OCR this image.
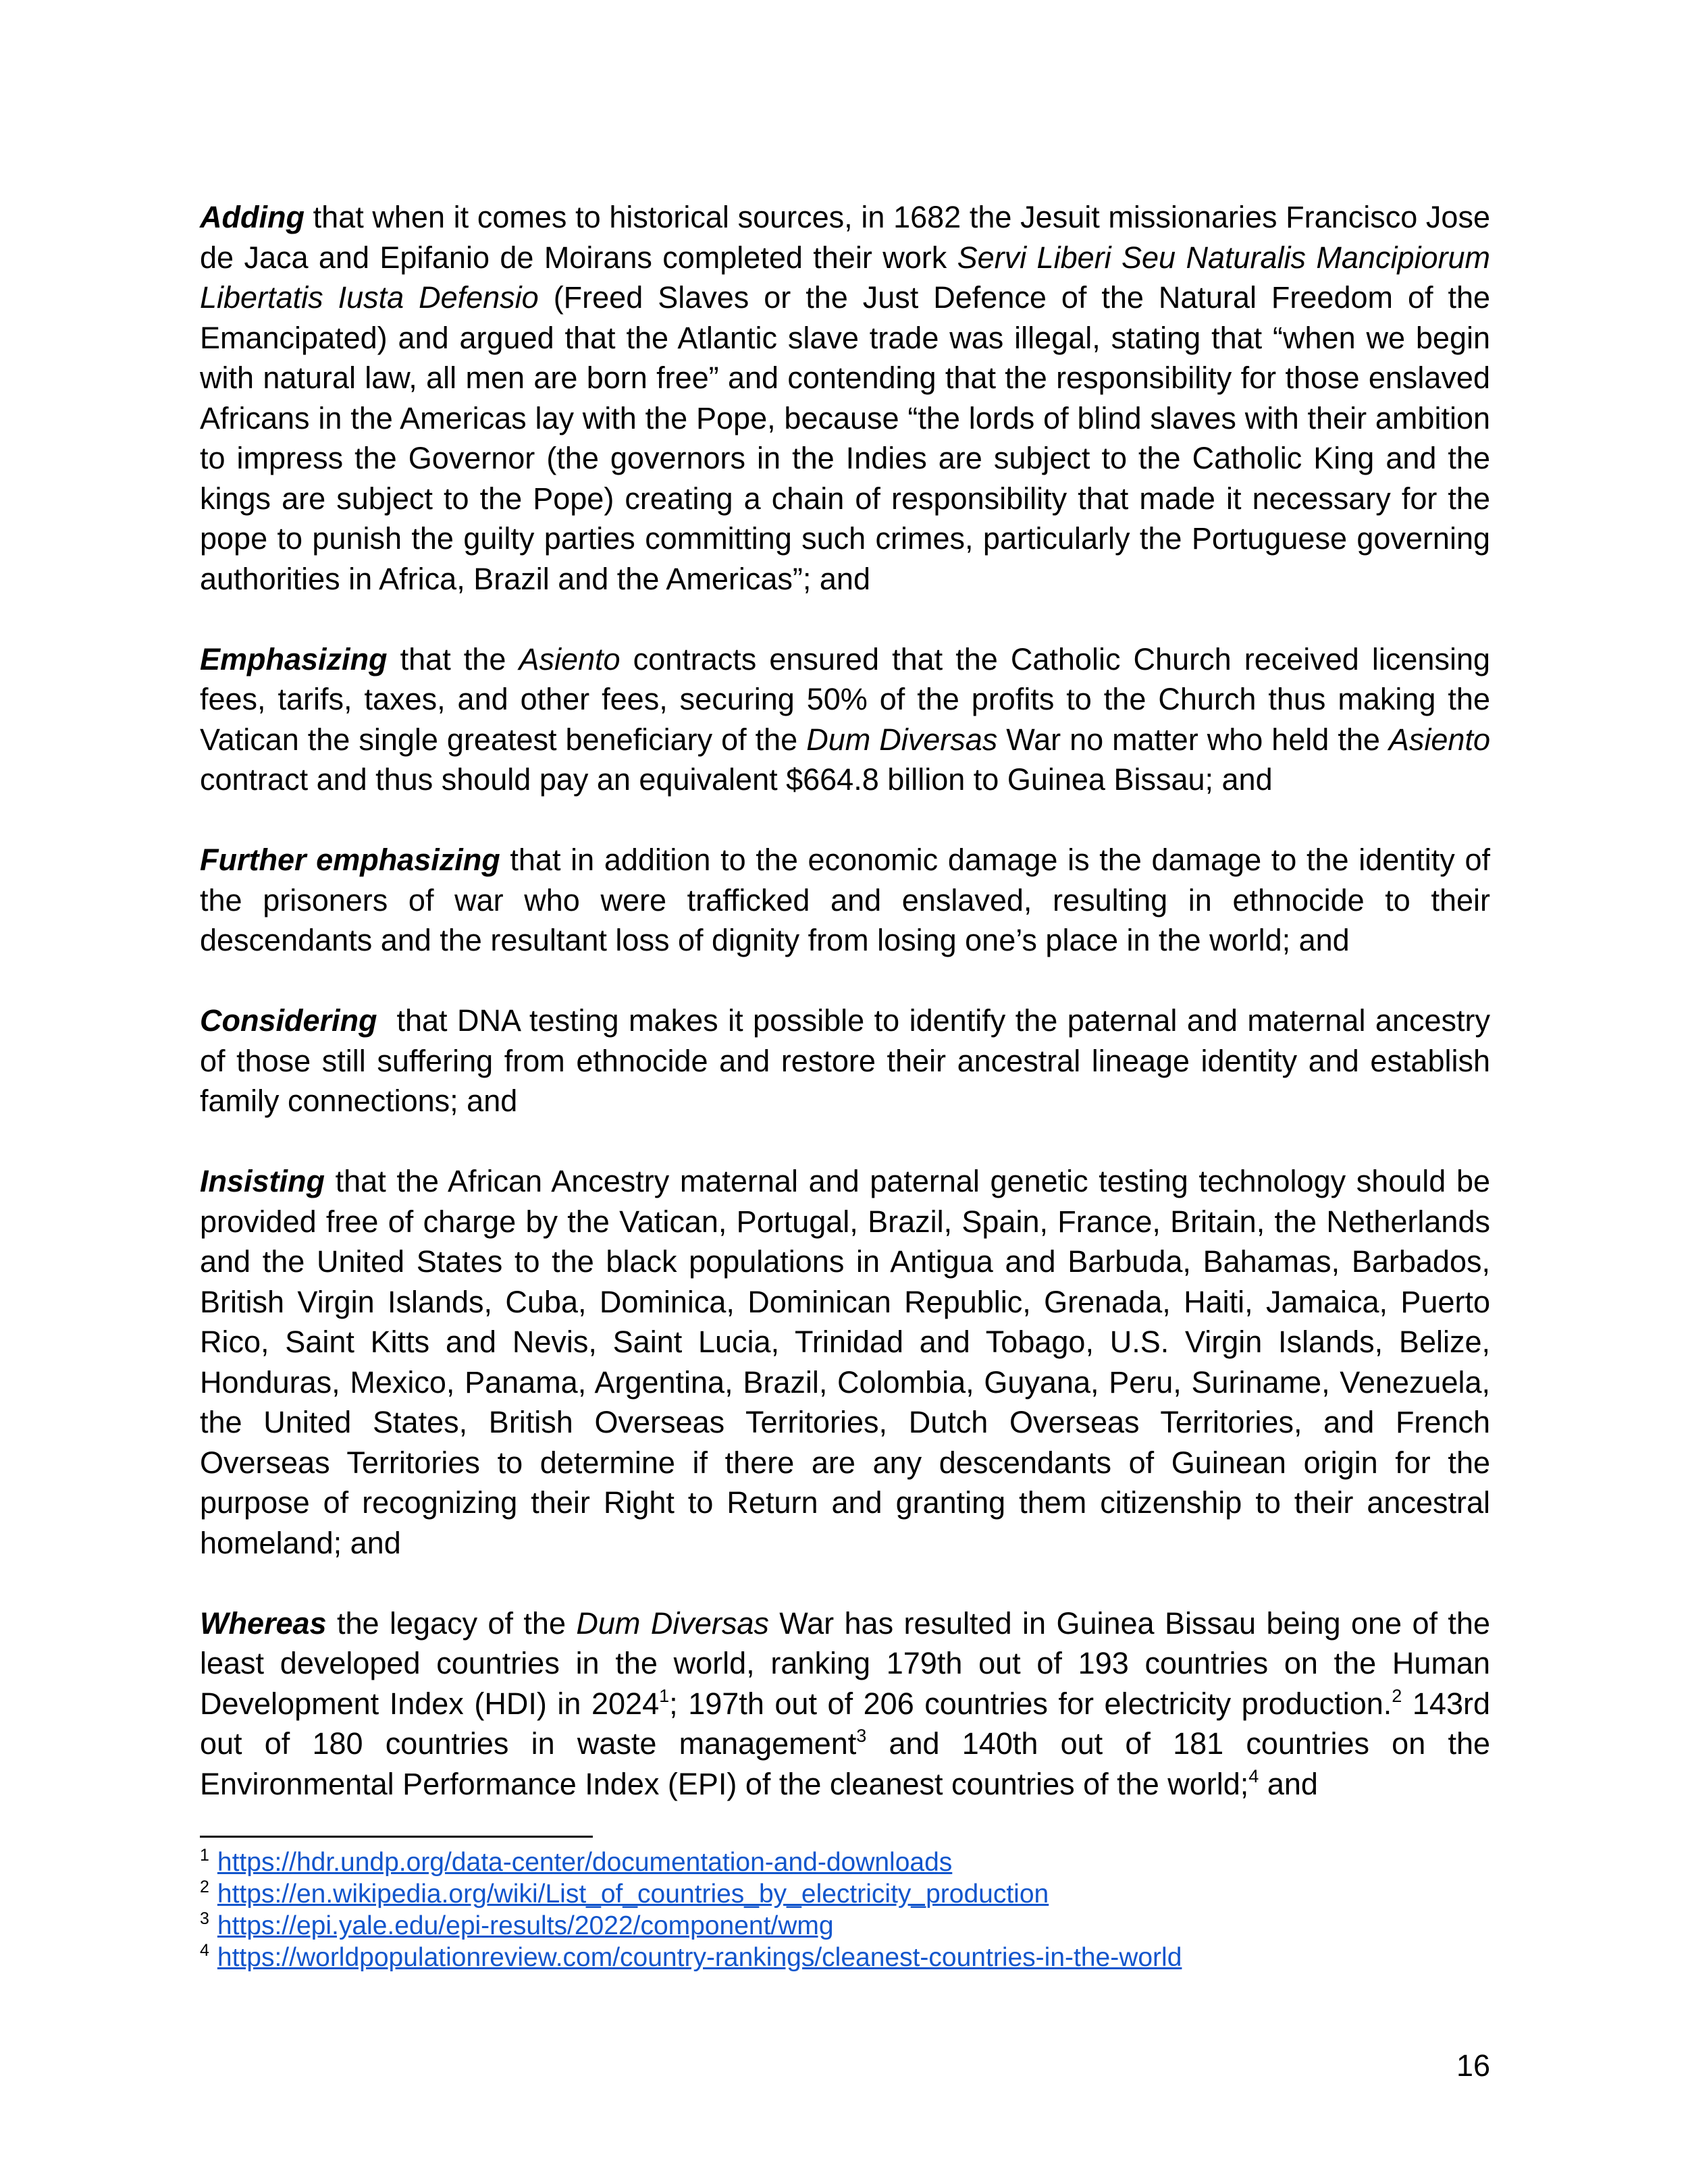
Adding that when it comes to historical sources, in 1682 the Jesuit missionaries Francisco Jose de Jaca and Epifanio de Moirans completed their work Servi Liberi Seu Naturalis Mancipiorum Libertatis Iusta Defensio (Freed Slaves or the Just Defence of the Natural Freedom of the Emancipated) and argued that the Atlantic slave trade was illegal, stating that “when we begin with natural law, all men are born free” and contending that the responsibility for those enslaved Africans in the Americas lay with the Pope, because “the lords of blind slaves with their ambition to impress the Governor (the governors in the Indies are subject to the Catholic King and the kings are subject to the Pope) creating a chain of responsibility that made it necessary for the pope to punish the guilty parties committing such crimes, particularly the Portuguese governing authorities in Africa, Brazil and the Americas”; and

Emphasizing that the Asiento contracts ensured that the Catholic Church received licensing fees, tarifs, taxes, and other fees, securing 50% of the profits to the Church thus making the Vatican the single greatest beneficiary of the Dum Diversas War no matter who held the Asiento contract and thus should pay an equivalent $664.8 billion to Guinea Bissau; and

Further emphasizing that in addition to the economic damage is the damage to the identity of the prisoners of war who were trafficked and enslaved, resulting in ethnocide to their descendants and the resultant loss of dignity from losing one’s place in the world; and

Considering  that DNA testing makes it possible to identify the paternal and maternal ancestry of those still suffering from ethnocide and restore their ancestral lineage identity and establish family connections; and

Insisting that the African Ancestry maternal and paternal genetic testing technology should be provided free of charge by the Vatican, Portugal, Brazil, Spain, France, Britain, the Netherlands and the United States to the black populations in Antigua and Barbuda, Bahamas, Barbados, British Virgin Islands, Cuba, Dominica, Dominican Republic, Grenada, Haiti, Jamaica, Puerto Rico, Saint Kitts and Nevis, Saint Lucia, Trinidad and Tobago, U.S. Virgin Islands, Belize, Honduras, Mexico, Panama, Argentina, Brazil, Colombia, Guyana, Peru, Suriname, Venezuela, the United States, British Overseas Territories, Dutch Overseas Territories, and French Overseas Territories to determine if there are any descendants of Guinean origin for the purpose of recognizing their Right to Return and granting them citizenship to their ancestral homeland; and

Whereas the legacy of the Dum Diversas War has resulted in Guinea Bissau being one of the least developed countries in the world, ranking 179th out of 193 countries on the Human Development Index (HDI) in 2024$^1$; 197th out of 206 countries for electricity production.$^2$ 143rd out of 180 countries in waste management$^3$ and 140th out of 181 countries on the Environmental Performance Index (EPI) of the cleanest countries of the world;$^4$ and

$^1$ https://hdr.undp.org/data-center/documentation-and-downloads
$^2$ https://en.wikipedia.org/wiki/List_of_countries_by_electricity_production
$^3$ https://epi.yale.edu/epi-results/2022/component/wmg
$^4$ https://worldpopulationreview.com/country-rankings/cleanest-countries-in-the-world
16
